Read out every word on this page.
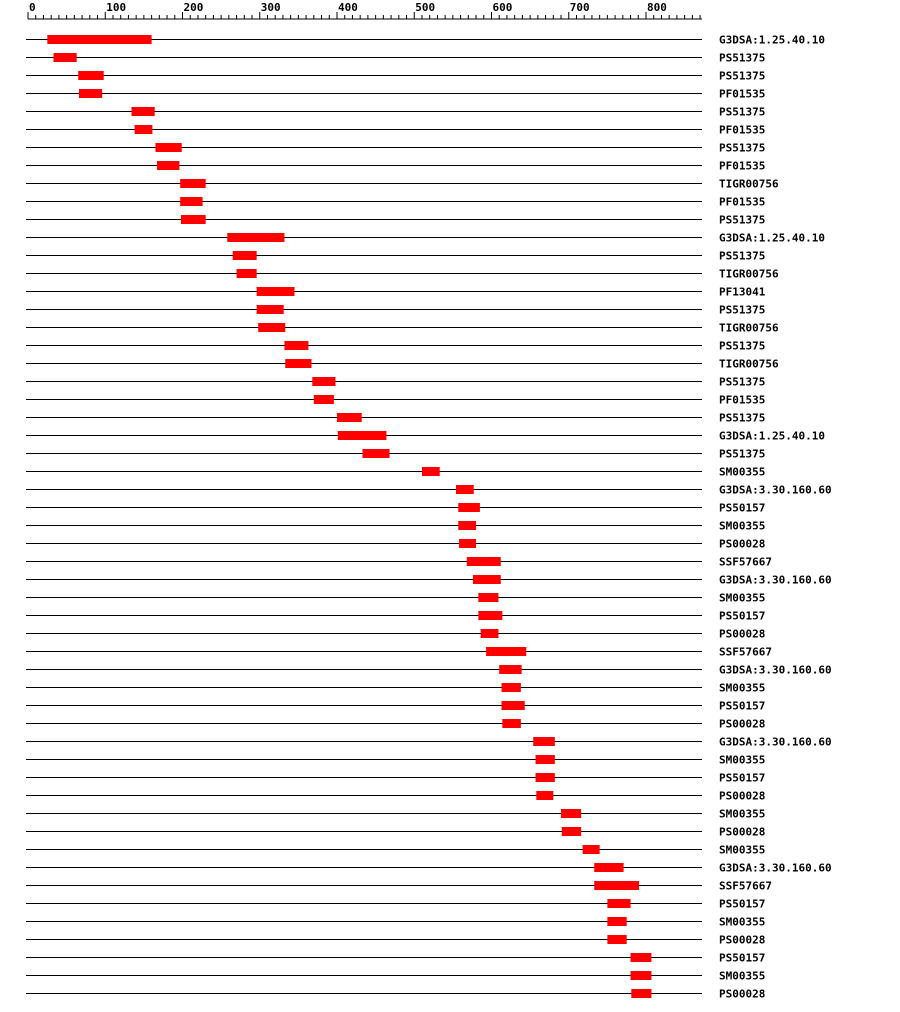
0	100	200	300	400	500	600	700	800
G3DSA:1.25.40.10
PS51375
PS51375
PF01535
PS51375
PF01535
PS51375
PF01535
TIGR00756
PF01535
PS51375
G3DSA:1.25.40.10
PS51375
TIGR00756
PF13041
PS51375
TIGR00756
PS51375
TIGR00756
PS51375
PF01535
PS51375
G3DSA:1.25.40.10
PS51375
SM00355
G3DSA:3.30.160.60
PS50157
SM00355
PS00028
SSF57667
G3DSA:3.30.160.60
SM00355
PS50157
PS00028
SSF57667
G3DSA:3.30.160.60
SM00355
PS50157
PS00028
G3DSA:3.30.160.60
SM00355
PS50157
PS00028
SM00355
PS00028
SM00355
G3DSA:3.30.160.60
SSF57667
PS50157
SM00355
PS00028
PS50157
SM00355
PS00028
